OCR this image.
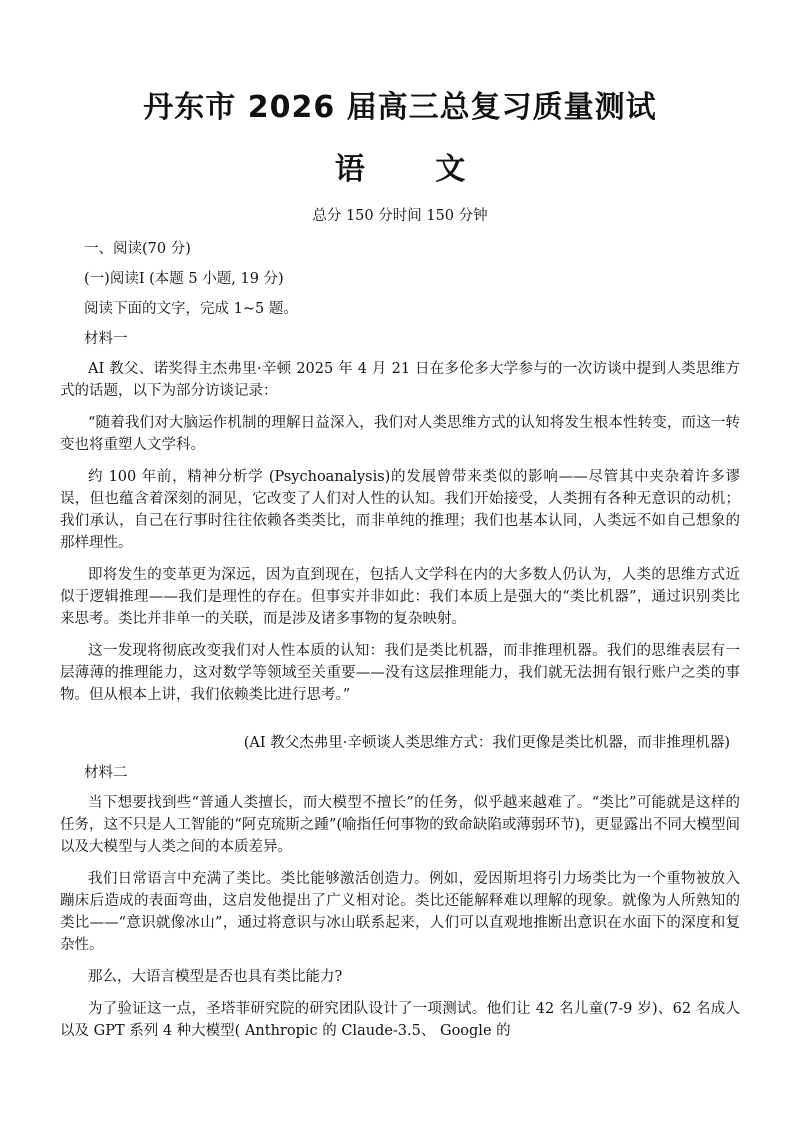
丹东市 2026 届高三总复习质量测试
语 文
总分 150 分时间 150 分钟
一、阅读(70 分)
(一)阅读Ⅰ (本题 5 小题, 19 分)
阅读下面的文字，完成 1~5 题。
材料一

AI 教父、诺奖得主杰弗里·辛顿 2025 年 4 月 21 日在多伦多大学参与的一次访谈中提到人类思维方式的话题，以下为部分访谈记录：

“随着我们对大脑运作机制的理解日益深入，我们对人类思维方式的认知将发生根本性转变，而这一转变也将重塑人文学科。

约 100 年前，精神分析学 (Psychoanalysis)的发展曾带来类似的影响——尽管其中夹杂着许多谬误，但也蕴含着深刻的洞见，它改变了人们对人性的认知。我们开始接受，人类拥有各种无意识的动机；我们承认，自己在行事时往往依赖各类类比，而非单纯的推理；我们也基本认同，人类远不如自己想象的那样理性。

即将发生的变革更为深远，因为直到现在，包括人文学科在内的大多数人仍认为，人类的思维方式近似于逻辑推理——我们是理性的存在。但事实并非如此：我们本质上是强大的“类比机器”，通过识别类比来思考。类比并非单一的关联，而是涉及诸多事物的复杂映射。

这一发现将彻底改变我们对人性本质的认知：我们是类比机器，而非推理机器。我们的思维表层有一层薄薄的推理能力，这对数学等领域至关重要——没有这层推理能力，我们就无法拥有银行账户之类的事物。但从根本上讲，我们依赖类比进行思考。”

(AI 教父杰弗里·辛顿谈人类思维方式：我们更像是类比机器，而非推理机器)

材料二

当下想要找到些“普通人类擅长，而大模型不擅长”的任务，似乎越来越难了。“类比”可能就是这样的任务，这不只是人工智能的“阿克琉斯之踵”(喻指任何事物的致命缺陷或薄弱环节)，更显露出不同大模型间以及大模型与人类之间的本质差异。

我们日常语言中充满了类比。类比能够激活创造力。例如，爱因斯坦将引力场类比为一个重物被放入蹦床后造成的表面弯曲，这启发他提出了广义相对论。类比还能解释难以理解的现象。就像为人所熟知的类比——“意识就像冰山”，通过将意识与冰山联系起来，人们可以直观地推断出意识在水面下的深度和复杂性。

那么，大语言模型是否也具有类比能力?

为了验证这一点，圣塔菲研究院的研究团队设计了一项测试。他们让 42 名儿童(7-9 岁)、62 名成人以及 GPT 系列 4 种大模型( Anthropic 的 Claude-3.5、 Google 的
